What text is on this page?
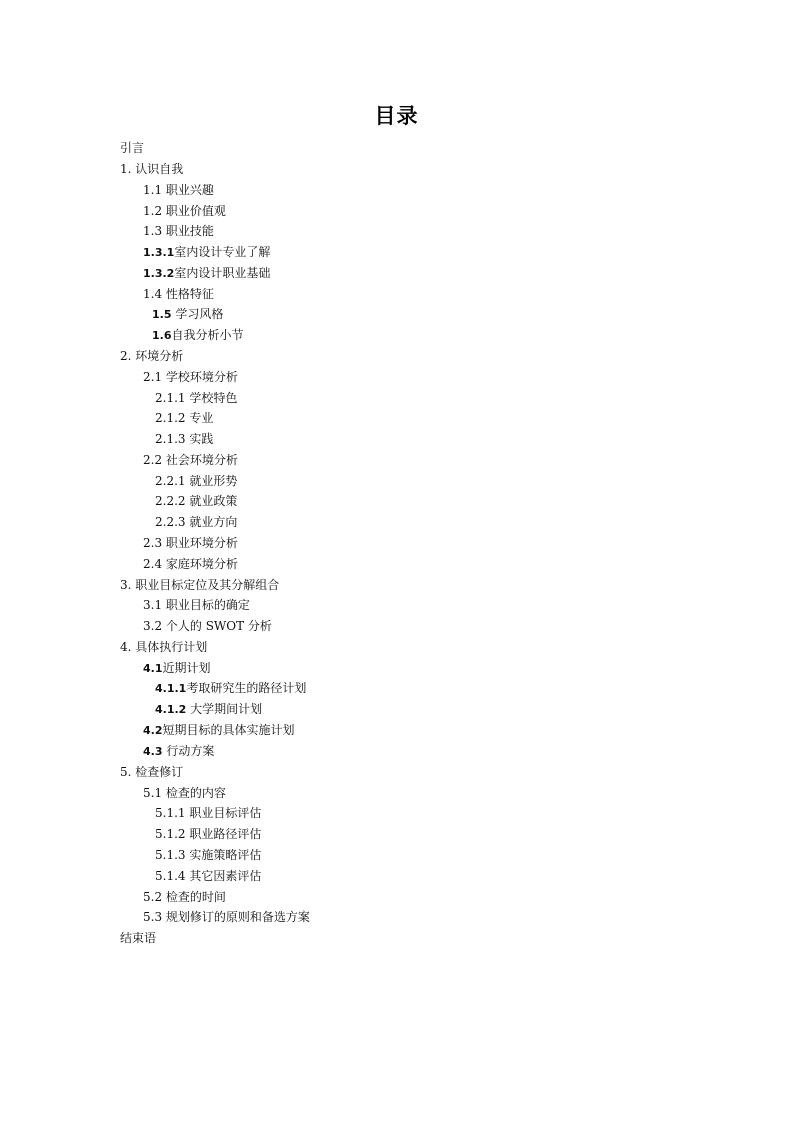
目录
引言
1. 认识自我
1.1 职业兴趣
1.2 职业价值观
1.3 职业技能
1.3.1室内设计专业了解
1.3.2室内设计职业基础
1.4 性格特征
1.5 学习风格
1.6自我分析小节
2. 环境分析
2.1 学校环境分析
2.1.1 学校特色
2.1.2 专业
2.1.3 实践
2.2 社会环境分析
2.2.1 就业形势
2.2.2 就业政策
2.2.3 就业方向
2.3 职业环境分析
2.4 家庭环境分析
3. 职业目标定位及其分解组合
3.1 职业目标的确定
3.2 个人的 SWOT 分析
4. 具体执行计划
4.1近期计划
4.1.1考取研究生的路径计划
4.1.2 大学期间计划
4.2短期目标的具体实施计划
4.3 行动方案
5. 检查修订
5.1 检查的内容
5.1.1 职业目标评估
5.1.2 职业路径评估
5.1.3 实施策略评估
5.1.4 其它因素评估
5.2 检查的时间
5.3 规划修订的原则和备选方案
结束语
